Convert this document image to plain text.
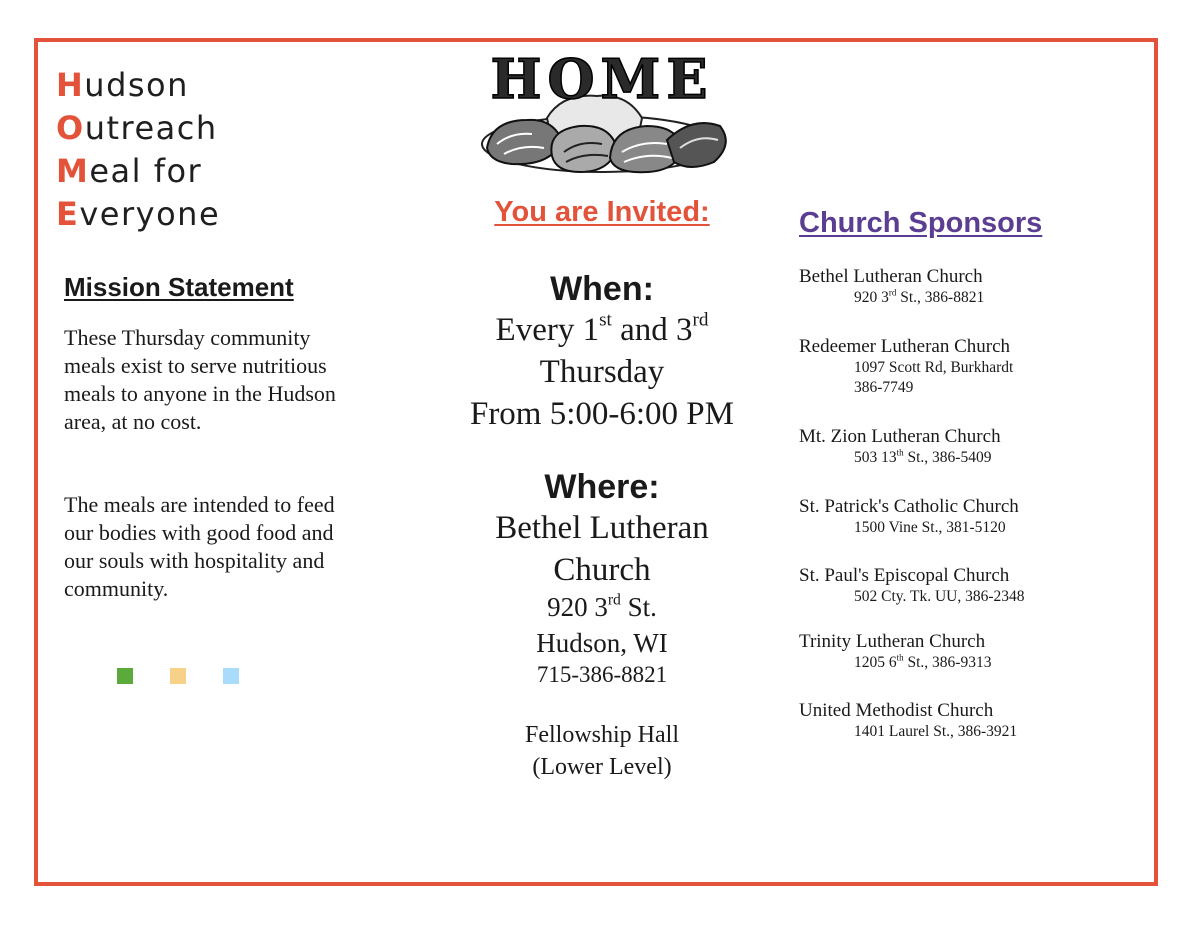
Hudson
Outreach
Meal for
Everyone
Mission Statement

These Thursday community meals exist to serve nutritious meals to anyone in the Hudson area, at no cost.

The meals are intended to feed our bodies with good food and our souls with hospitality and community.

HOME
You are Invited:
When:
Every 1st and 3rd
Thursday
From 5:00-6:00 PM
Where:
Bethel Lutheran
Church
920 3rd St.
Hudson, WI
715-386-8821
Fellowship Hall
(Lower Level)
Church Sponsors
Bethel Lutheran Church
920 3rd St., 386-8821
Redeemer Lutheran Church
1097 Scott Rd, Burkhardt
386-7749
Mt. Zion Lutheran Church
503 13th St., 386-5409
St. Patrick's Catholic Church
1500 Vine St., 381-5120
St. Paul's Episcopal Church
502 Cty. Tk. UU, 386-2348
Trinity Lutheran Church
1205 6th St., 386-9313
United Methodist Church
1401 Laurel St., 386-3921
